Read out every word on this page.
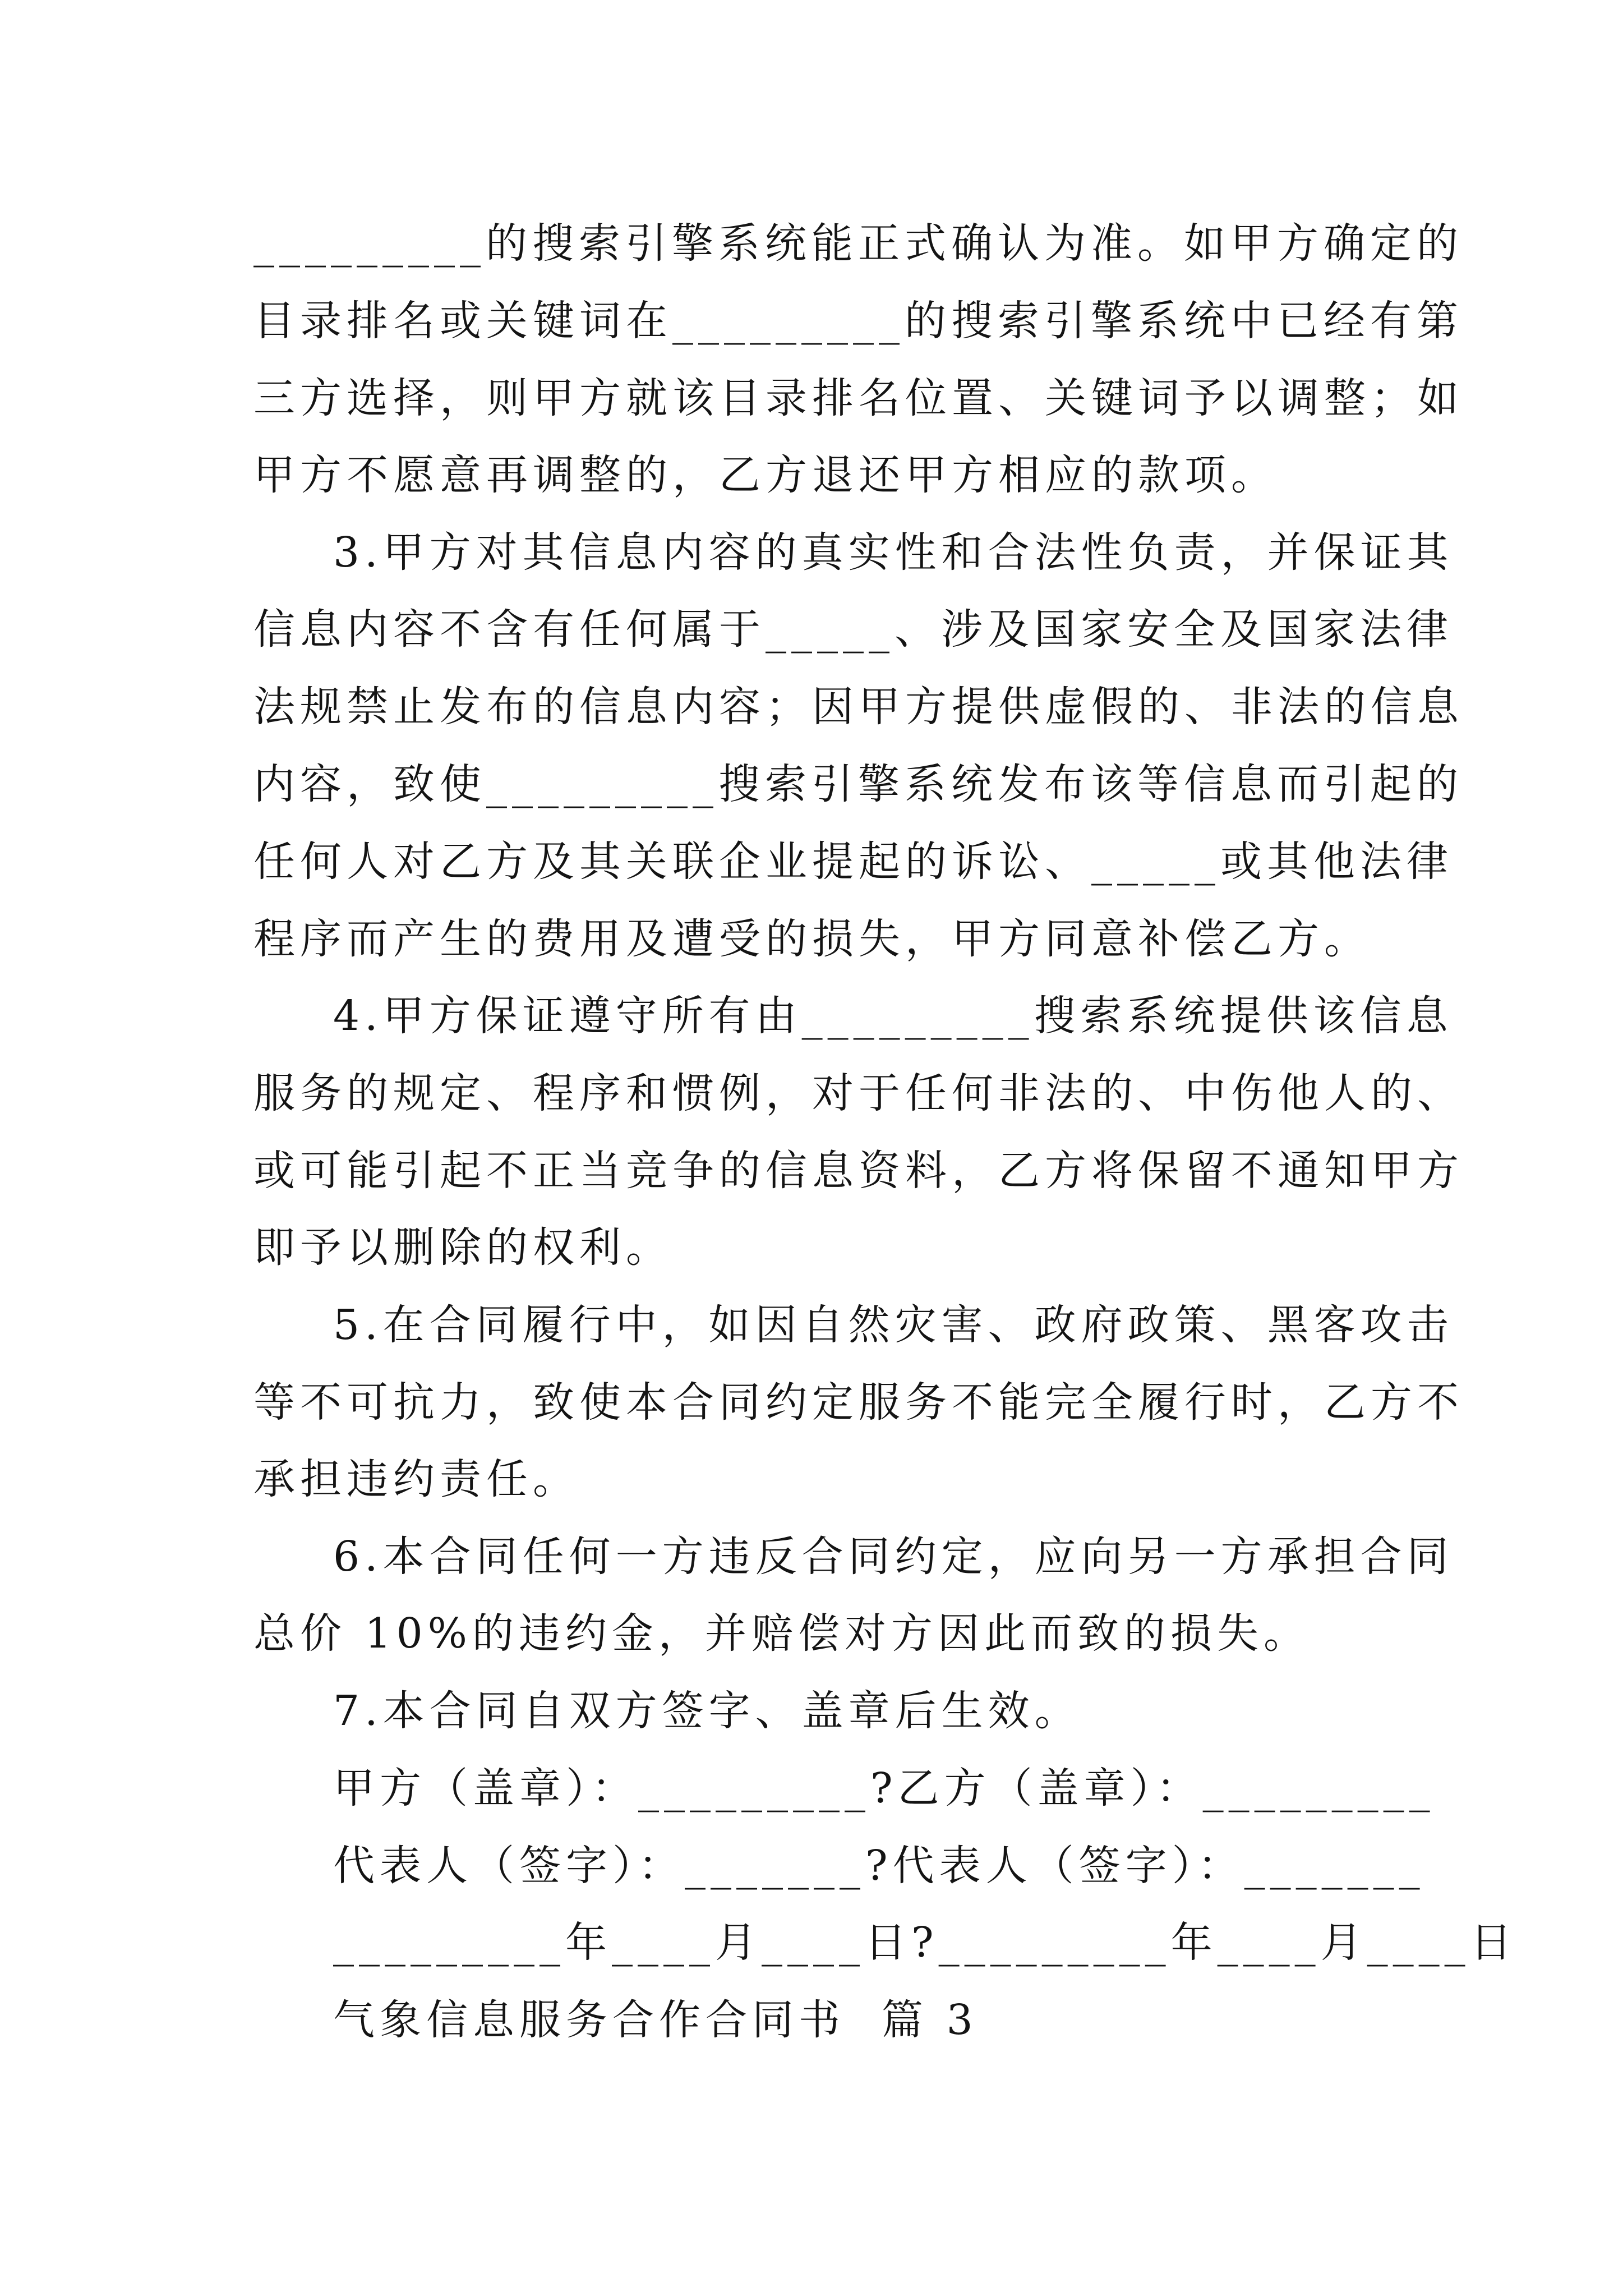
_________的搜索引擎系统能正式确认为准。如甲方确定的
目录排名或关键词在_________的搜索引擎系统中已经有第
三方选择，则甲方就该目录排名位置、关键词予以调整；如
甲方不愿意再调整的，乙方退还甲方相应的款项。
3.甲方对其信息内容的真实性和合法性负责，并保证其
信息内容不含有任何属于_____、涉及国家安全及国家法律
法规禁止发布的信息内容；因甲方提供虚假的、非法的信息
内容，致使_________搜索引擎系统发布该等信息而引起的
任何人对乙方及其关联企业提起的诉讼、_____或其他法律
程序而产生的费用及遭受的损失，甲方同意补偿乙方。
4.甲方保证遵守所有由_________搜索系统提供该信息
服务的规定、程序和惯例，对于任何非法的、中伤他人的、
或可能引起不正当竞争的信息资料，乙方将保留不通知甲方
即予以删除的权利。
5.在合同履行中，如因自然灾害、政府政策、黑客攻击
等不可抗力，致使本合同约定服务不能完全履行时，乙方不
承担违约责任。
6.本合同任何一方违反合同约定，应向另一方承担合同
总价 10%的违约金，并赔偿对方因此而致的损失。
7.本合同自双方签字、盖章后生效。
甲方（盖章）：_________?乙方（盖章）：_________
代表人（签字）：_______?代表人（签字）：_______
_________年____月____日?_________年____月____日
气象信息服务合作合同书  篇 3
